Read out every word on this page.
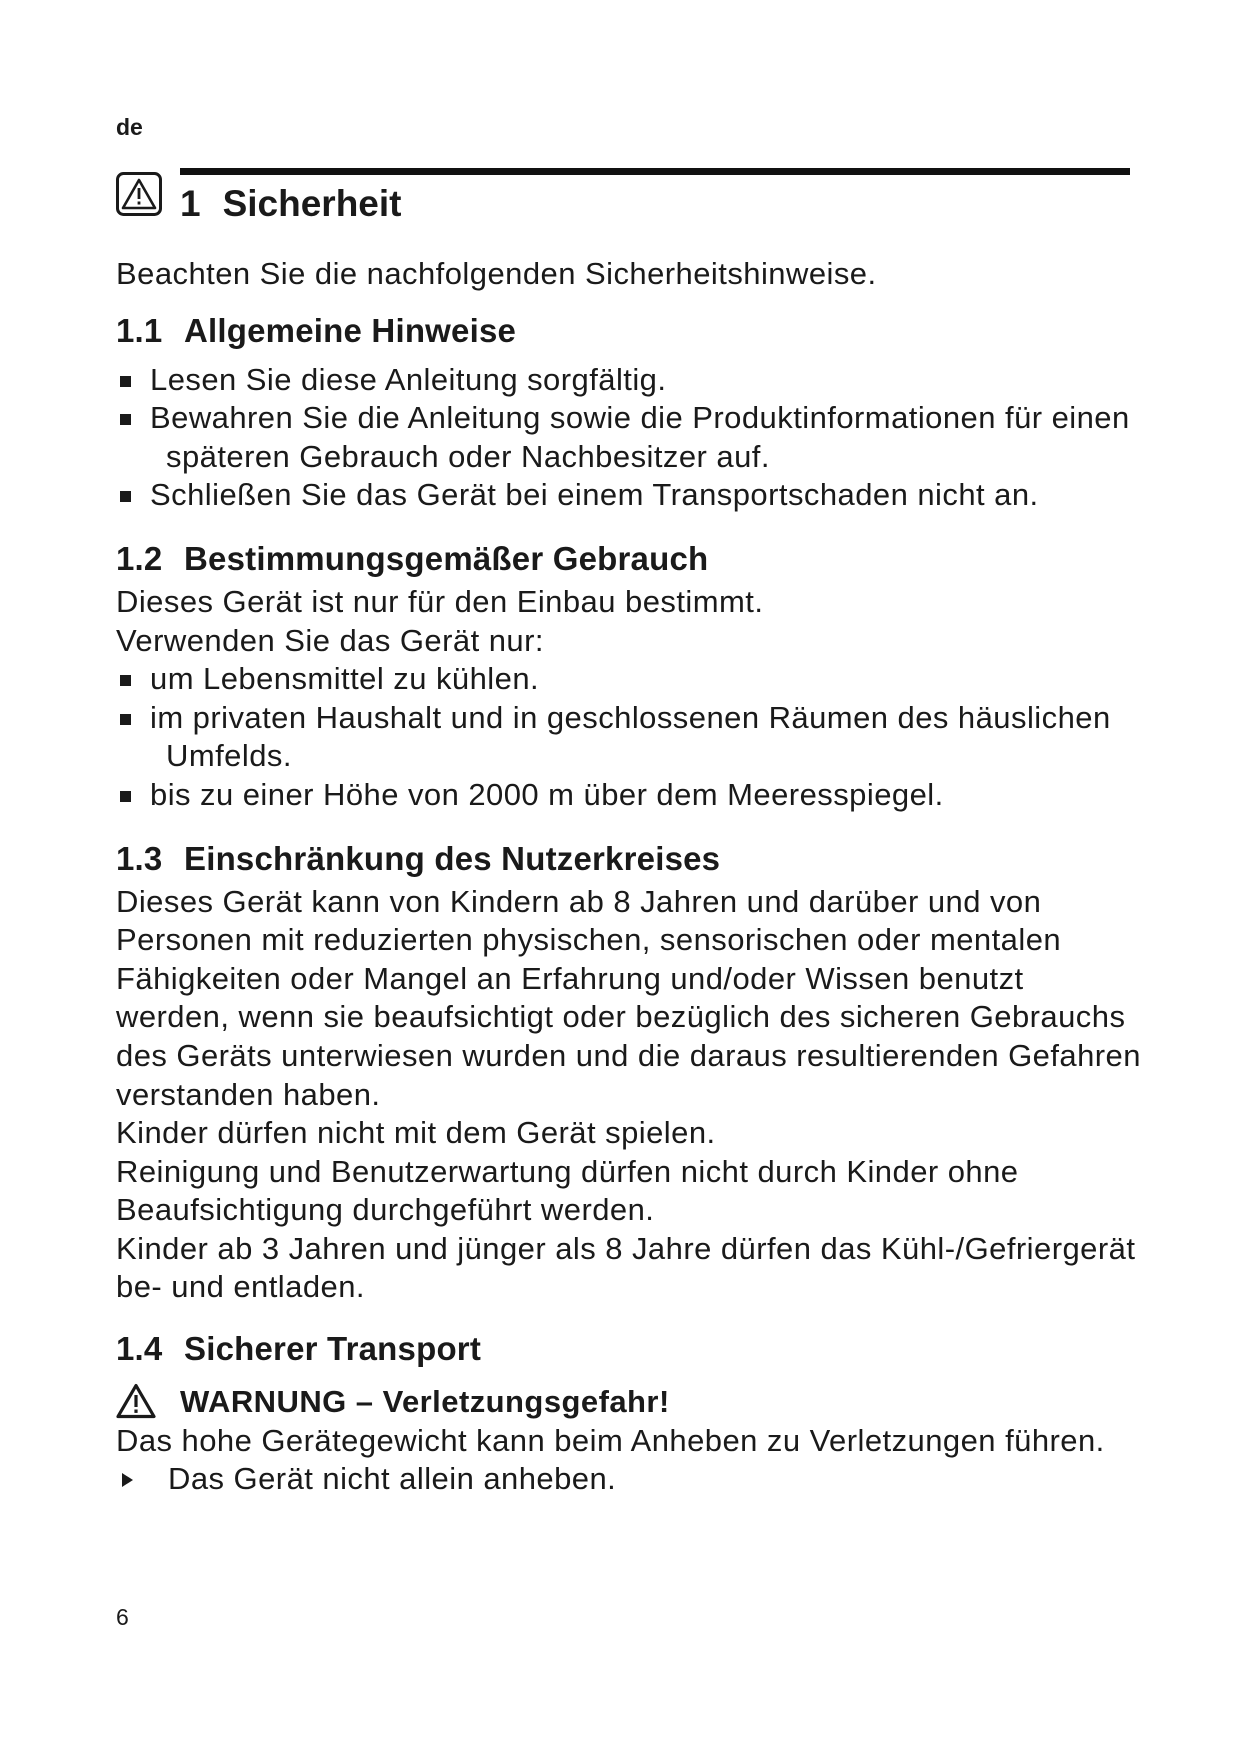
de
1 Sicherheit

Beachten Sie die nachfolgenden Sicherheitshinweise.

1.1 Allgemeine Hinweise
Lesen Sie diese Anleitung sorgfältig.
Bewahren Sie die Anleitung sowie die Produktinformationen für einen späteren Gebrauch oder Nachbesitzer auf.
Schließen Sie das Gerät bei einem Transportschaden nicht an.
1.2 Bestimmungsgemäßer Gebrauch

Dieses Gerät ist nur für den Einbau bestimmt.

Verwenden Sie das Gerät nur:

um Lebensmittel zu kühlen.
im privaten Haushalt und in geschlossenen Räumen des häuslichen Umfelds.
bis zu einer Höhe von 2000 m über dem Meeresspiegel.
1.3 Einschränkung des Nutzerkreises

Dieses Gerät kann von Kindern ab 8 Jahren und darüber und von Personen mit reduzierten physischen, sensorischen oder mentalen Fähigkeiten oder Mangel an Erfahrung und/oder Wissen benutzt werden, wenn sie beaufsichtigt oder bezüglich des sicheren Gebrauchs des Geräts unterwiesen wurden und die daraus resultierenden Gefahren verstanden haben.

Kinder dürfen nicht mit dem Gerät spielen.

Reinigung und Benutzerwartung dürfen nicht durch Kinder ohne Beaufsichtigung durchgeführt werden.

Kinder ab 3 Jahren und jünger als 8 Jahre dürfen das Kühl-/Gefriergerät be- und entladen.

1.4 Sicherer Transport
WARNUNG – Verletzungsgefahr!

Das hohe Gerätegewicht kann beim Anheben zu Verletzungen führen.

Das Gerät nicht allein anheben.
6
